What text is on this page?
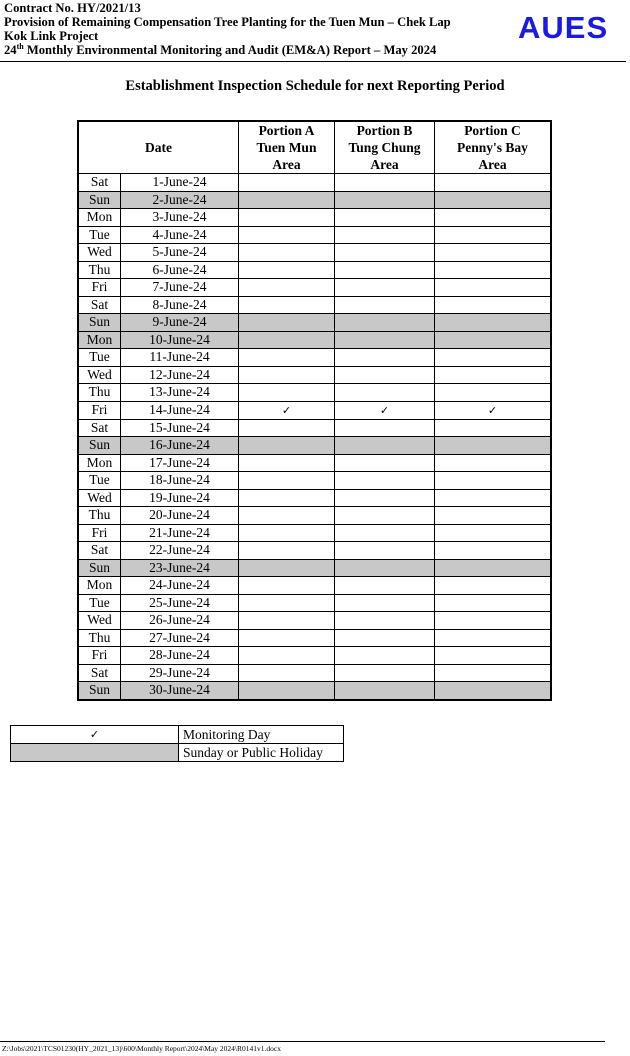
Contract No. HY/2021/13
Provision of Remaining Compensation Tree Planting for the Tuen Mun – Chek Lap
Kok Link Project
24th Monthly Environmental Monitoring and Audit (EM&A) Report – May 2024
AUES
Establishment Inspection Schedule for next Reporting Period
Date		Portion A
Tuen Mun
Area	Portion B
Tung Chung
Area	Portion C
Penny's Bay
Area
Sat	1-June-24			
Sun	2-June-24			
Mon	3-June-24			
Tue	4-June-24			
Wed	5-June-24			
Thu	6-June-24			
Fri	7-June-24			
Sat	8-June-24			
Sun	9-June-24			
Mon	10-June-24			
Tue	11-June-24			
Wed	12-June-24			
Thu	13-June-24			
Fri	14-June-24	✓	✓	✓
Sat	15-June-24			
Sun	16-June-24			
Mon	17-June-24			
Tue	18-June-24			
Wed	19-June-24			
Thu	20-June-24			
Fri	21-June-24			
Sat	22-June-24			
Sun	23-June-24			
Mon	24-June-24			
Tue	25-June-24			
Wed	26-June-24			
Thu	27-June-24			
Fri	28-June-24			
Sat	29-June-24			
Sun	30-June-24			
✓	Monitoring Day
	Sunday or Public Holiday
Z:\Jobs\2021\TCS01230(HY_2021_13)\600\Monthly Report\2024\May 2024\R0141v1.docx
